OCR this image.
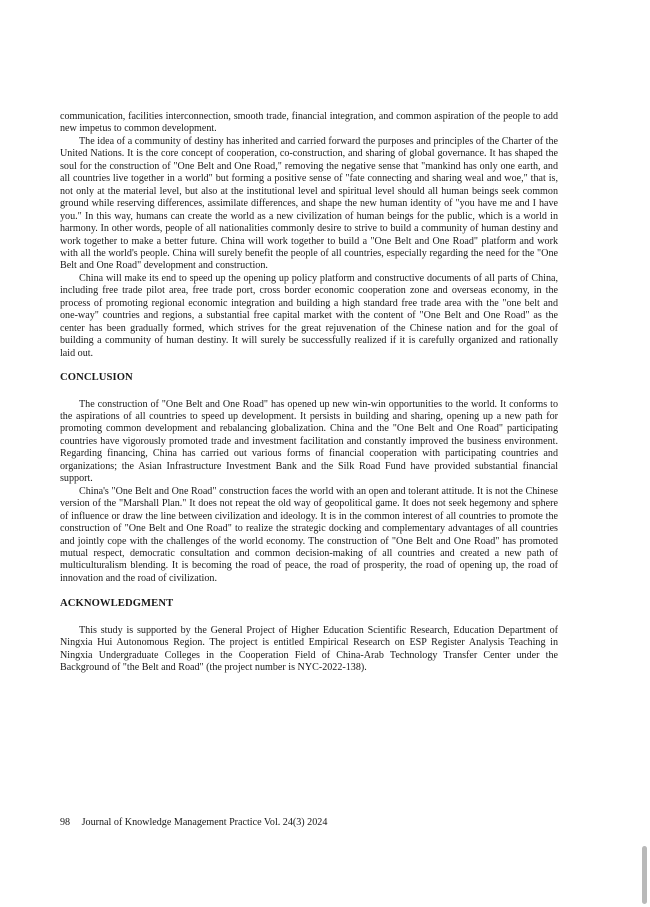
communication, facilities interconnection, smooth trade, financial integration, and common aspiration of the people to add new impetus to common development.

The idea of a community of destiny has inherited and carried forward the purposes and principles of the Charter of the United Nations. It is the core concept of cooperation, co-construction, and sharing of global governance. It has shaped the soul for the construction of "One Belt and One Road," removing the negative sense that "mankind has only one earth, and all countries live together in a world" but forming a positive sense of "fate connecting and sharing weal and woe," that is, not only at the material level, but also at the institutional level and spiritual level should all human beings seek common ground while reserving differences, assimilate differences, and shape the new human identity of "you have me and I have you." In this way, humans can create the world as a new civilization of human beings for the public, which is a world in harmony. In other words, people of all nationalities commonly desire to strive to build a community of human destiny and work together to make a better future. China will work together to build a "One Belt and One Road" platform and work with all the world's people. China will surely benefit the people of all countries, especially regarding the need for the "One Belt and One Road" development and construction.

China will make its end to speed up the opening up policy platform and constructive documents of all parts of China, including free trade pilot area, free trade port, cross border economic cooperation zone and overseas economy, in the process of promoting regional economic integration and building a high standard free trade area with the "one belt and one-way" countries and regions, a substantial free capital market with the content of "One Belt and One Road" as the center has been gradually formed, which strives for the great rejuvenation of the Chinese nation and for the goal of building a community of human destiny. It will surely be successfully realized if it is carefully organized and rationally laid out.

CONCLUSION

The construction of "One Belt and One Road" has opened up new win-win opportunities to the world. It conforms to the aspirations of all countries to speed up development. It persists in building and sharing, opening up a new path for promoting common development and rebalancing globalization. China and the "One Belt and One Road" participating countries have vigorously promoted trade and investment facilitation and constantly improved the business environment. Regarding financing, China has carried out various forms of financial cooperation with participating countries and organizations; the Asian Infrastructure Investment Bank and the Silk Road Fund have provided substantial financial support.

China's "One Belt and One Road" construction faces the world with an open and tolerant attitude. It is not the Chinese version of the "Marshall Plan." It does not repeat the old way of geopolitical game. It does not seek hegemony and sphere of influence or draw the line between civilization and ideology. It is in the common interest of all countries to promote the construction of "One Belt and One Road" to realize the strategic docking and complementary advantages of all countries and jointly cope with the challenges of the world economy. The construction of "One Belt and One Road" has promoted mutual respect, democratic consultation and common decision-making of all countries and created a new path of multiculturalism blending. It is becoming the road of peace, the road of prosperity, the road of opening up, the road of innovation and the road of civilization.

ACKNOWLEDGMENT

This study is supported by the General Project of Higher Education Scientific Research, Education Department of Ningxia Hui Autonomous Region. The project is entitled Empirical Research on ESP Register Analysis Teaching in Ningxia Undergraduate Colleges in the Cooperation Field of China-Arab Technology Transfer Center under the Background of "the Belt and Road" (the project number is NYC-2022-138).

98 Journal of Knowledge Management Practice Vol. 24(3) 2024
